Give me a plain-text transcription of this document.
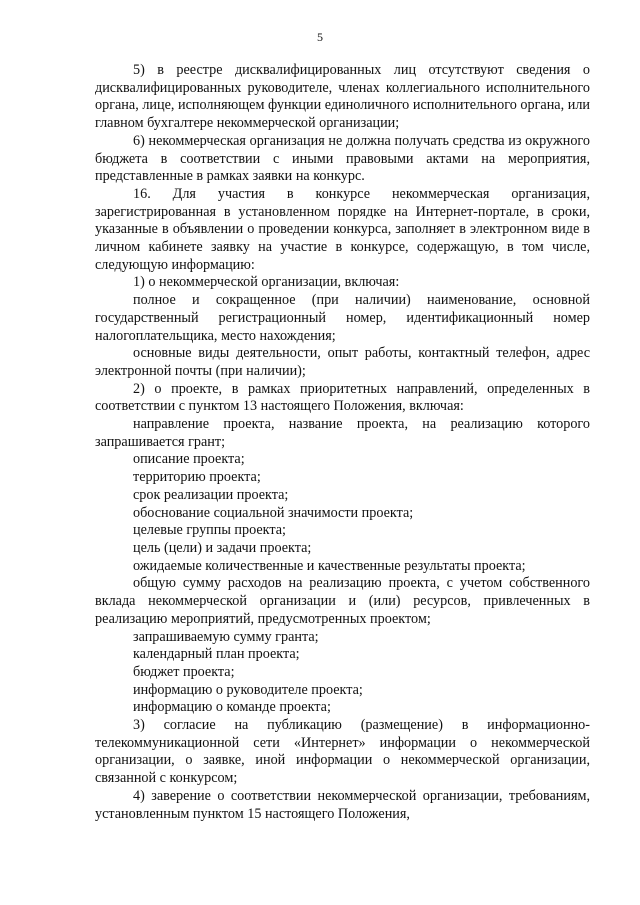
5

5) в реестре дисквалифицированных лиц отсутствуют сведения о дисквалифицированных руководителе, членах коллегиального исполнительного органа, лице, исполняющем функции единоличного исполнительного органа, или главном бухгалтере некоммерческой организации;

6) некоммерческая организация не должна получать средства из окружного бюджета в соответствии с иными правовыми актами на мероприятия, представленные в рамках заявки на конкурс.

16. Для участия в конкурсе некоммерческая организация, зарегистрированная в установленном порядке на Интернет-портале, в сроки, указанные в объявлении о проведении конкурса, заполняет в электронном виде в личном кабинете заявку на участие в конкурсе, содержащую, в том числе, следующую информацию:

1) о некоммерческой организации, включая:

полное и сокращенное (при наличии) наименование, основной государственный регистрационный номер, идентификационный номер налогоплательщика, место нахождения;

основные виды деятельности, опыт работы, контактный телефон, адрес электронной почты (при наличии);

2) о проекте, в рамках приоритетных направлений, определенных в соответствии с пунктом 13 настоящего Положения, включая:

направление проекта, название проекта, на реализацию которого запрашивается грант;

описание проекта;

территорию проекта;

срок реализации проекта;

обоснование социальной значимости проекта;

целевые группы проекта;

цель (цели) и задачи проекта;

ожидаемые количественные и качественные результаты проекта;

общую сумму расходов на реализацию проекта, с учетом собственного вклада некоммерческой организации и (или) ресурсов, привлеченных в реализацию мероприятий, предусмотренных проектом;

запрашиваемую сумму гранта;

календарный план проекта;

бюджет проекта;

информацию о руководителе проекта;

информацию о команде проекта;

3) согласие на публикацию (размещение) в информационно-телекоммуникационной сети «Интернет» информации о некоммерческой организации, о заявке, иной информации о некоммерческой организации, связанной с конкурсом;

4) заверение о соответствии некоммерческой организации, требованиям, установленным пунктом 15 настоящего Положения,
